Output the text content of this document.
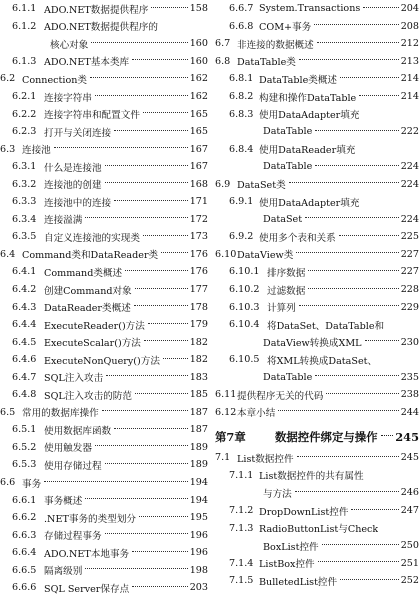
6.1.1 ADO.NET数据提供程序	158
6.1.2 ADO.NET数据提供程序的
核心对象	160
6.1.3 ADO.NET基本类库	160
6.2 Connection类	162
6.2.1 连接字符串	162
6.2.2 连接字符串和配置文件	165
6.2.3 打开与关闭连接	165
6.3 连接池	167
6.3.1 什么是连接池	167
6.3.2 连接池的创建	168
6.3.3 连接池中的连接	171
6.3.4 连接溢满	172
6.3.5 自定义连接池的实现类	173
6.4 Command类和DataReader类	176
6.4.1 Command类概述	176
6.4.2 创建Command对象	177
6.4.3 DataReader类概述	178
6.4.4 ExecuteReader()方法	179
6.4.5 ExecuteScalar()方法	182
6.4.6 ExecuteNonQuery()方法	182
6.4.7 SQL注入攻击	183
6.4.8 SQL注入攻击的防范	185
6.5 常用的数据库操作	187
6.5.1 使用数据库函数	187
6.5.2 使用触发器	189
6.5.3 使用存储过程	189
6.6 事务	194
6.6.1 事务概述	194
6.6.2 .NET事务的类型划分	195
6.6.3 存储过程事务	196
6.6.4 ADO.NET本地事务	196
6.6.5 隔离级别	198
6.6.6 SQL Server保存点	203
6.6.7 System.Transactions	204
6.6.8 COM+事务	208
6.7 非连接的数据概述	212
6.8 DataTable类	213
6.8.1 DataTable类概述	214
6.8.2 构建和操作DataTable	214
6.8.3 使用DataAdapter填充
DataTable	222
6.8.4 使用DataReader填充
DataTable	224
6.9 DataSet类	224
6.9.1 使用DataAdapter填充
DataSet	224
6.9.2 使用多个表和关系	225
6.10 DataView类	227
6.10.1 排序数据	227
6.10.2 过滤数据	228
6.10.3 计算列	229
6.10.4 将DataSet、DataTable和
DataView转换成XML	230
6.10.5 将XML转换成DataSet、
DataTable	235
6.11 提供程序无关的代码	238
6.12 本章小结	244
第7章	数据控件绑定与操作 245
7.1 List数据控件	245
7.1.1 List数据控件的共有属性
与方法	246
7.1.2 DropDownList控件	247
7.1.3 RadioButtonList与Check
BoxList控件	250
7.1.4 ListBox控件	251
7.1.5 BulletedList控件	252
